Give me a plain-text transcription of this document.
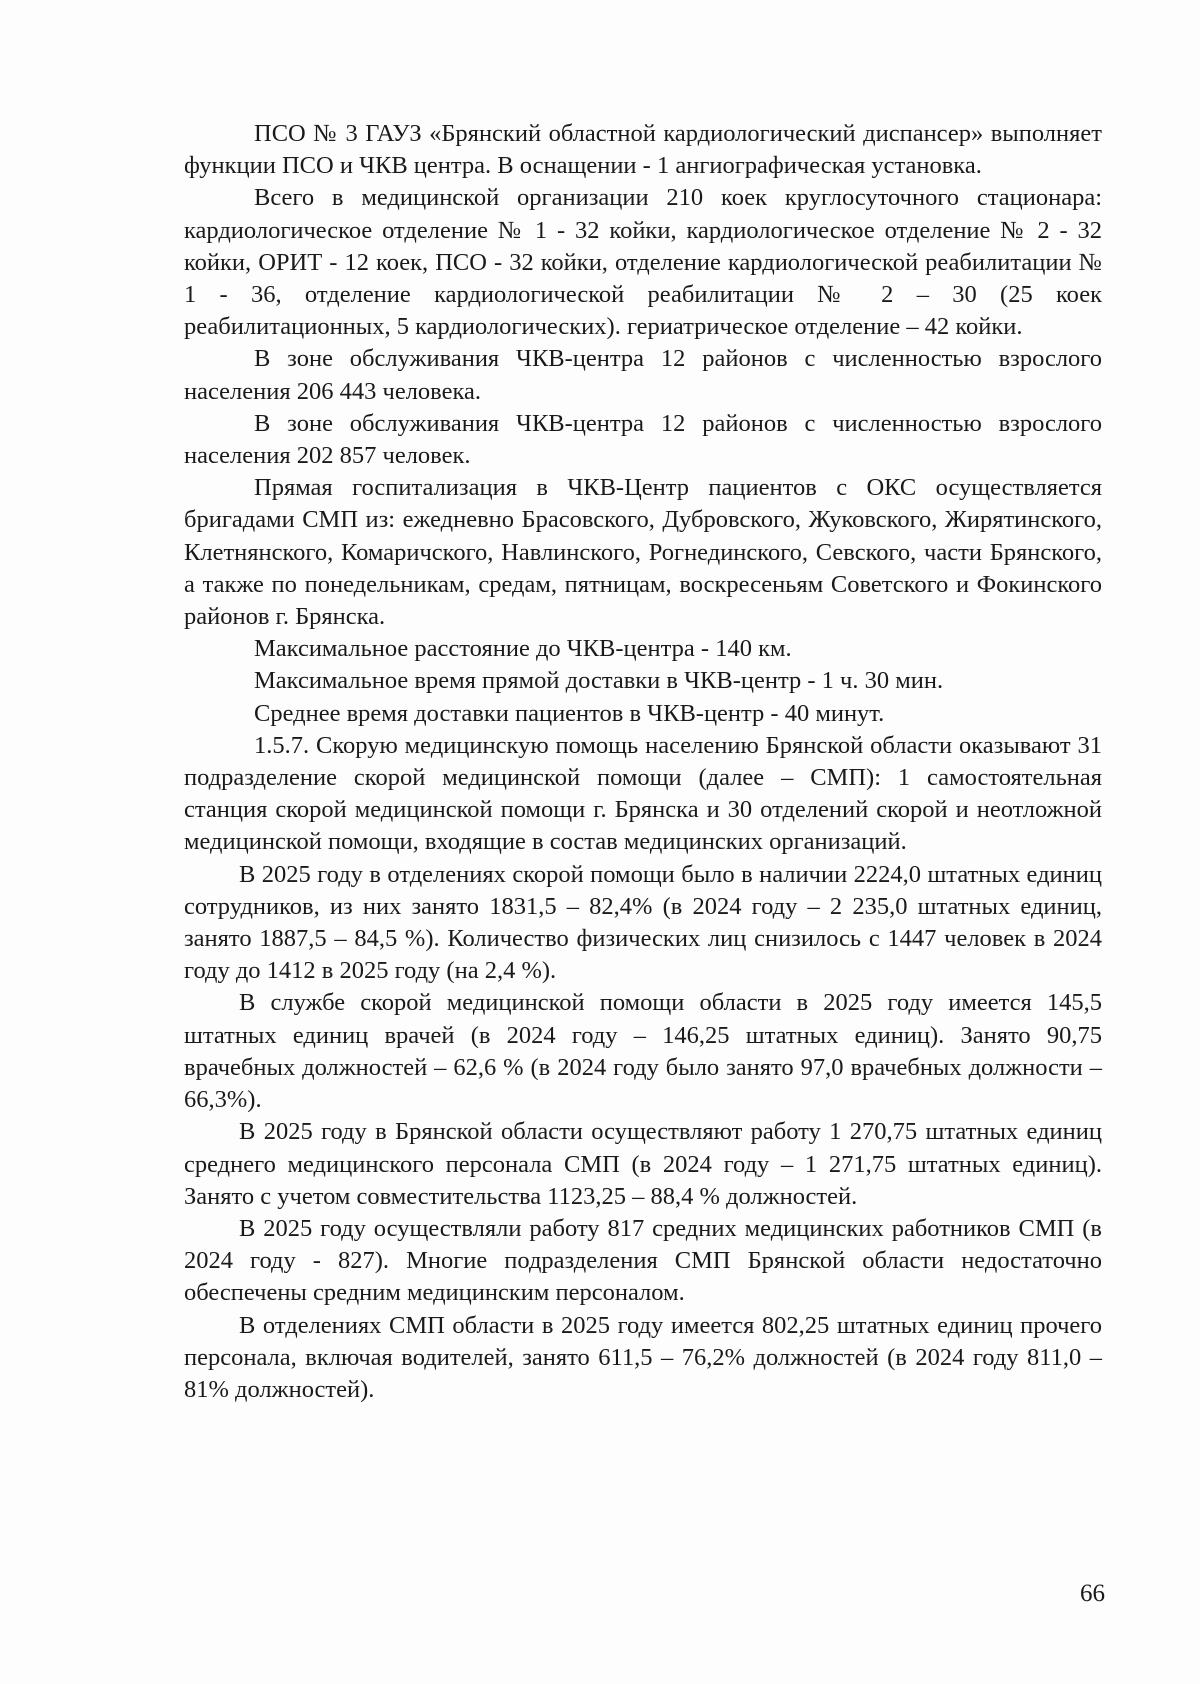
ПСО № 3 ГАУЗ «Брянский областной кардиологический диспансер» выполняет функции ПСО и ЧКВ центра. В оснащении - 1 ангиографическая установка.

Всего в медицинской организации 210 коек круглосуточного стационара: кардиологическое отделение № 1 - 32 койки, кардиологическое отделение № 2 - 32 койки, ОРИТ - 12 коек, ПСО - 32 койки, отделение кардиологической реабилитации № 1 - 36, отделение кардиологической реабилитации № 2 – 30 (25 коек реабилитационных, 5 кардиологических). гериатрическое отделение – 42 койки.

В зоне обслуживания ЧКВ-центра 12 районов с численностью взрослого населения 206 443 человека.

В зоне обслуживания ЧКВ-центра 12 районов с численностью взрослого населения 202 857 человек.

Прямая госпитализация в ЧКВ-Центр пациентов с ОКС осуществляется бригадами СМП из: ежедневно Брасовского, Дубровского, Жуковского, Жирятинского, Клетнянского, Комаричского, Навлинского, Рогнединского, Севского, части Брянского, а также по понедельникам, средам, пятницам, воскресеньям Советского и Фокинского районов г. Брянска.

Максимальное расстояние до ЧКВ-центра - 140 км.

Максимальное время прямой доставки в ЧКВ-центр - 1 ч. 30 мин.

Среднее время доставки пациентов в ЧКВ-центр - 40 минут.

1.5.7. Скорую медицинскую помощь населению Брянской области оказывают 31 подразделение скорой медицинской помощи (далее – СМП): 1 самостоятельная станция скорой медицинской помощи г. Брянска и 30 отделений скорой и неотложной медицинской помощи, входящие в состав медицинских организаций.

В 2025 году в отделениях скорой помощи было в наличии 2224,0 штатных единиц сотрудников, из них занято 1831,5 – 82,4% (в 2024 году – 2 235,0 штатных единиц, занято 1887,5 – 84,5 %). Количество физических лиц снизилось с 1447 человек в 2024 году до 1412 в 2025 году (на 2,4 %).

В службе скорой медицинской помощи области в 2025 году имеется 145,5 штатных единиц врачей (в 2024 году – 146,25 штатных единиц). Занято 90,75 врачебных должностей – 62,6 % (в 2024 году было занято 97,0 врачебных должности – 66,3%).

В 2025 году в Брянской области осуществляют работу 1 270,75 штатных единиц среднего медицинского персонала СМП (в 2024 году – 1 271,75 штатных единиц). Занято с учетом совместительства 1123,25 – 88,4 % должностей.

В 2025 году осуществляли работу 817 средних медицинских работников СМП (в 2024 году - 827). Многие подразделения СМП Брянской области недостаточно обеспечены средним медицинским персоналом.

В отделениях СМП области в 2025 году имеется 802,25 штатных единиц прочего персонала, включая водителей, занято 611,5 – 76,2% должностей (в 2024 году 811,0 – 81% должностей).

66
